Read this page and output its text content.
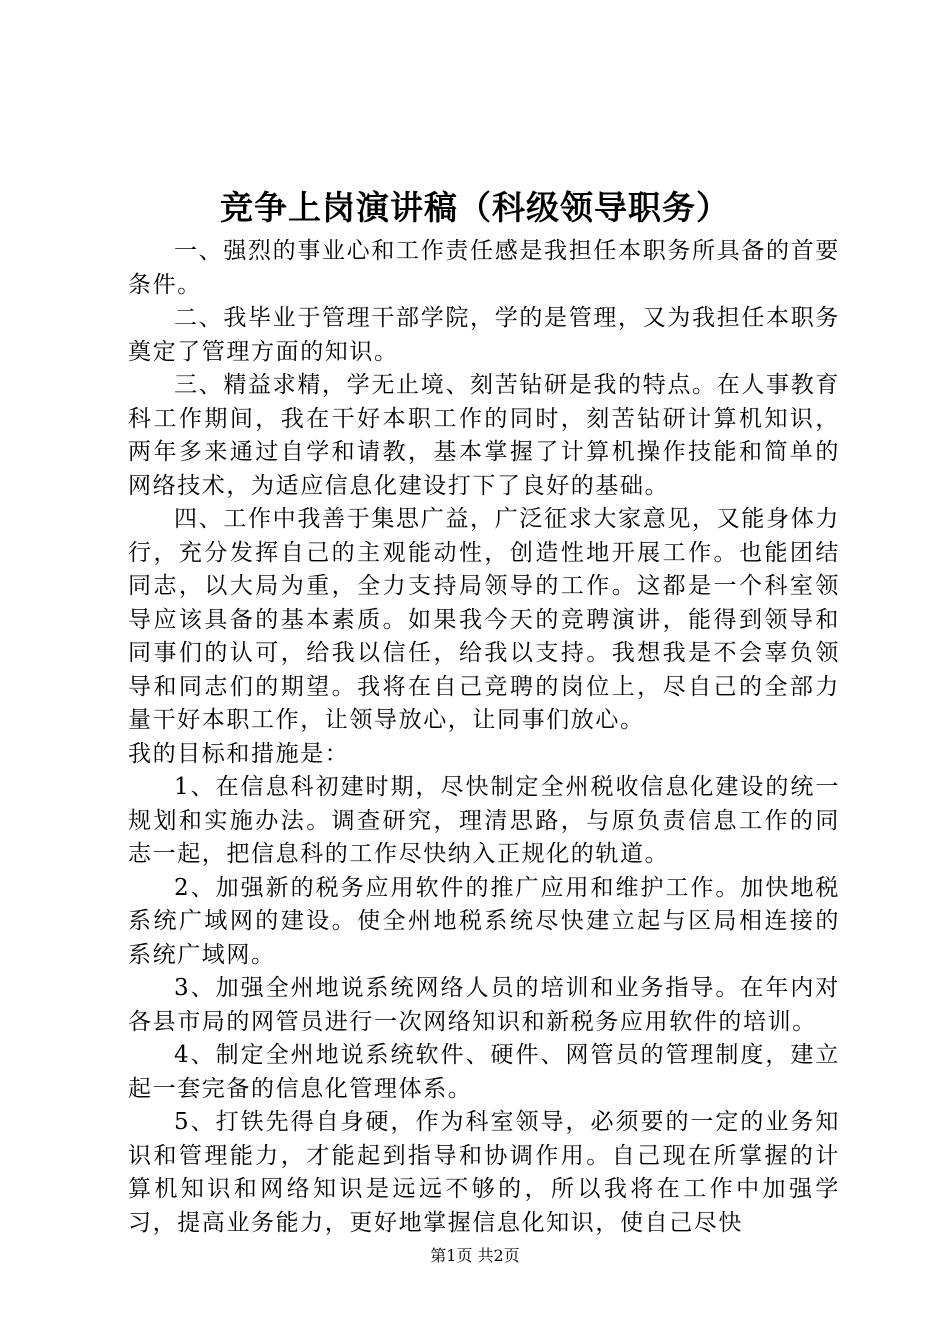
竞争上岗演讲稿（科级领导职务）

一、强烈的事业心和工作责任感是我担任本职务所具备的首要条件。

二、我毕业于管理干部学院，学的是管理，又为我担任本职务奠定了管理方面的知识。

三、精益求精，学无止境、刻苦钻研是我的特点。在人事教育科工作期间，我在干好本职工作的同时，刻苦钻研计算机知识，两年多来通过自学和请教，基本掌握了计算机操作技能和简单的网络技术，为适应信息化建设打下了良好的基础。

四、工作中我善于集思广益，广泛征求大家意见，又能身体力行，充分发挥自己的主观能动性，创造性地开展工作。也能团结同志，以大局为重，全力支持局领导的工作。这都是一个科室领导应该具备的基本素质。如果我今天的竞聘演讲，能得到领导和同事们的认可，给我以信任，给我以支持。我想我是不会辜负领导和同志们的期望。我将在自己竞聘的岗位上，尽自己的全部力量干好本职工作，让领导放心，让同事们放心。

我的目标和措施是：

1、在信息科初建时期，尽快制定全州税收信息化建设的统一规划和实施办法。调查研究，理清思路，与原负责信息工作的同志一起，把信息科的工作尽快纳入正规化的轨道。

2、加强新的税务应用软件的推广应用和维护工作。加快地税系统广域网的建设。使全州地税系统尽快建立起与区局相连接的系统广域网。

3、加强全州地说系统网络人员的培训和业务指导。在年内对各县市局的网管员进行一次网络知识和新税务应用软件的培训。

4、制定全州地说系统软件、硬件、网管员的管理制度，建立起一套完备的信息化管理体系。

5、打铁先得自身硬，作为科室领导，必须要的一定的业务知识和管理能力，才能起到指导和协调作用。自己现在所掌握的计算机知识和网络知识是远远不够的，所以我将在工作中加强学习，提高业务能力，更好地掌握信息化知识，使自己尽快

第1页 共2页
